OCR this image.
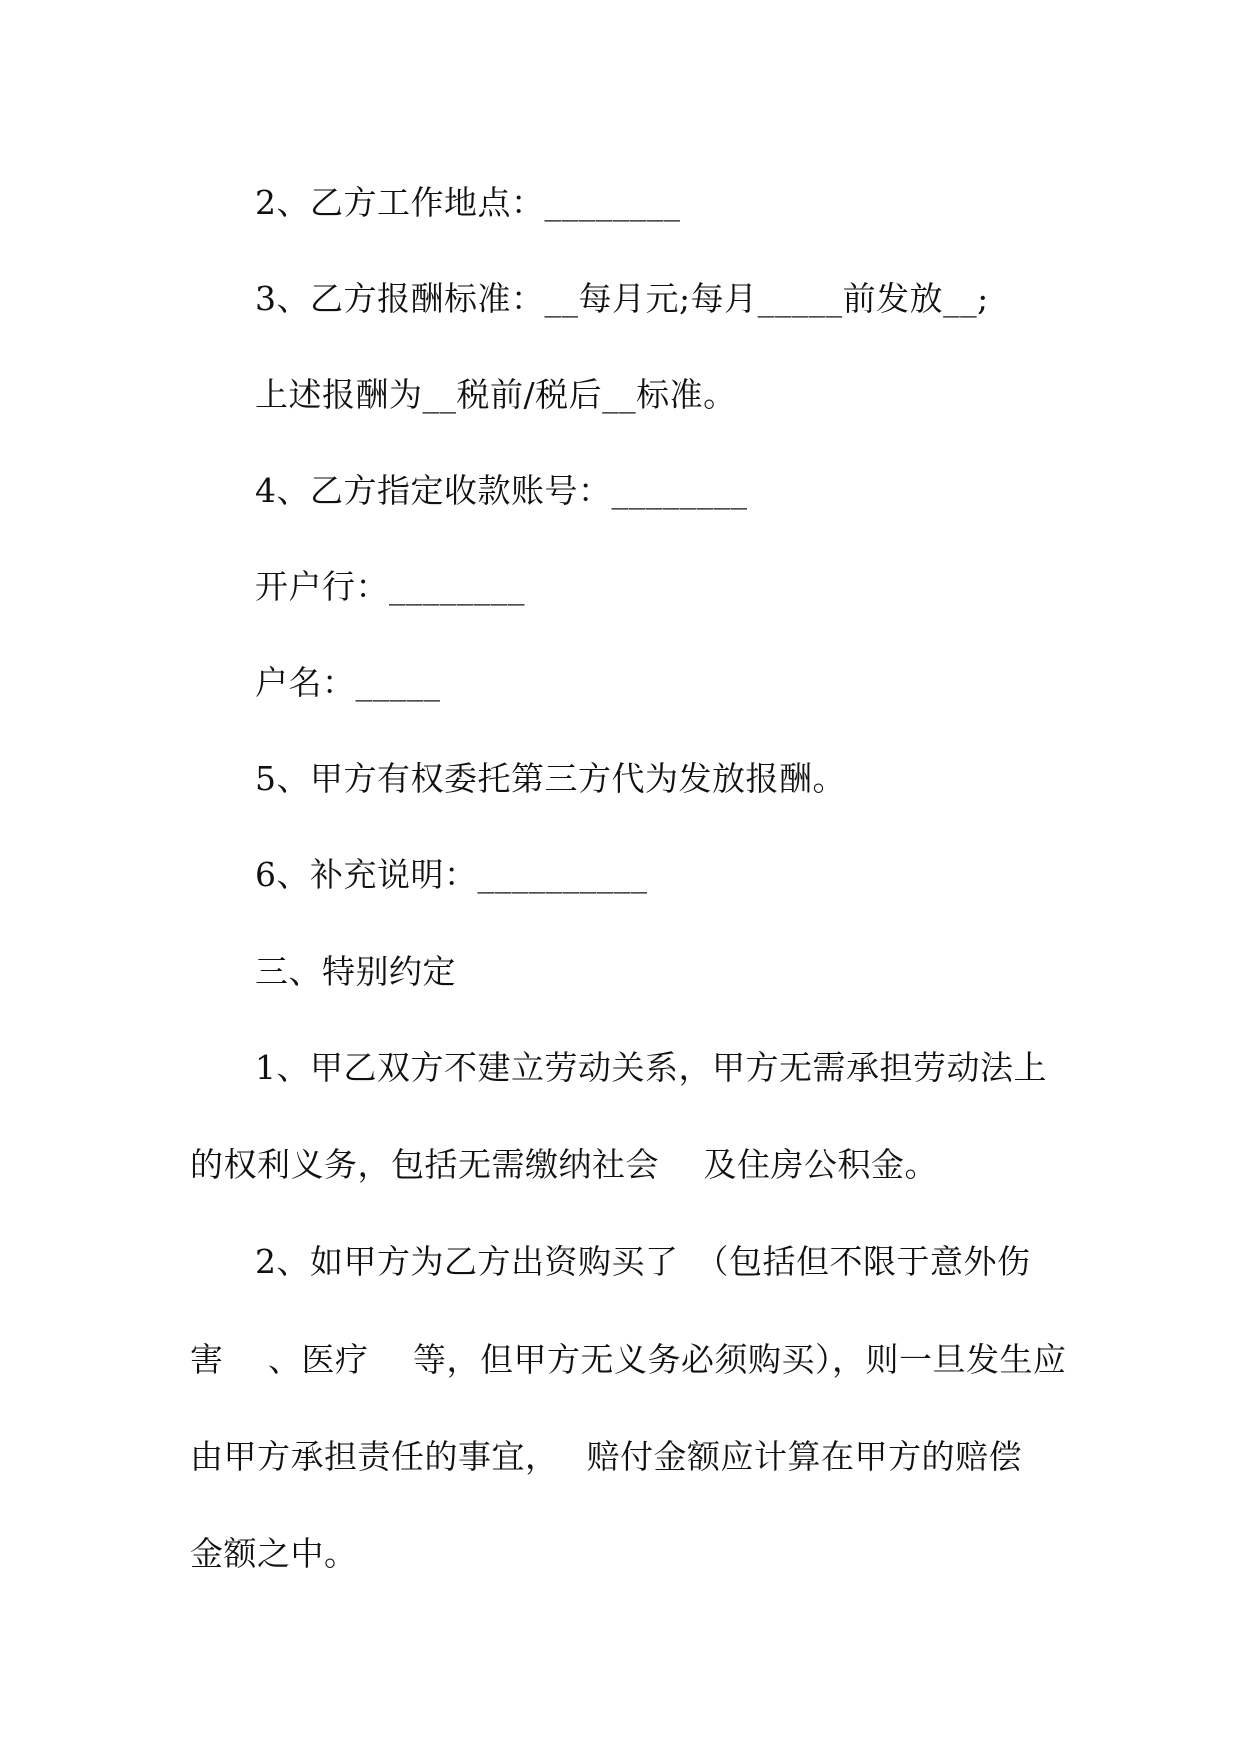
2、乙方工作地点：________
3、乙方报酬标准：__每月元;每月_____前发放__;
上述报酬为__税前/税后__标准。
4、乙方指定收款账号：________
开户行：________
户名：_____
5、甲方有权委托第三方代为发放报酬。
6、补充说明：__________
三、特别约定
1、甲乙双方不建立劳动关系，甲方无需承担劳动法上
的权利义务，包括无需缴纳社会　 及住房公积金。
2、如甲方为乙方出资购买了　（包括但不限于意外伤
害　 、医疗　 等，但甲方无义务必须购买），则一旦发生应
由甲方承担责任的事宜，　 赔付金额应计算在甲方的赔偿
金额之中。
